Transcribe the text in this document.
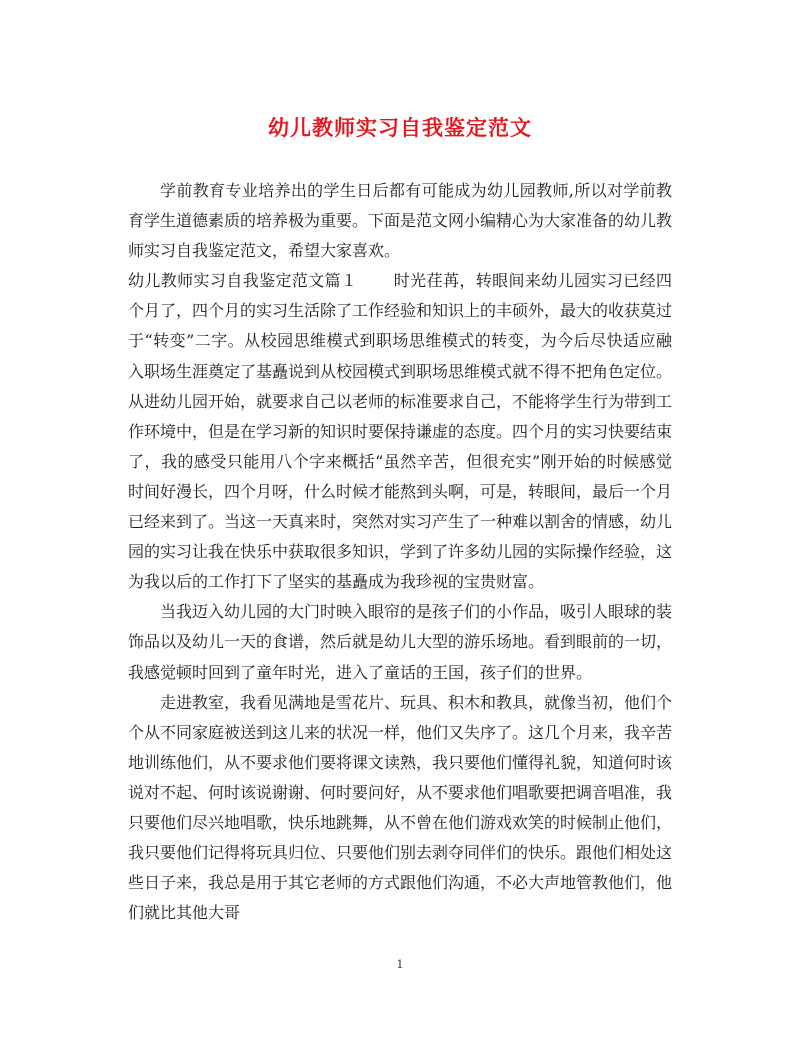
幼儿教师实习自我鉴定范文

学前教育专业培养出的学生日后都有可能成为幼儿园教师,所以对学前教育学生道德素质的培养极为重要。下面是范文网小编精心为大家准备的幼儿教师实习自我鉴定范文，希望大家喜欢。

幼儿教师实习自我鉴定范文篇１ 时光荏苒，转眼间来幼儿园实习已经四个月了，四个月的实习生活除了工作经验和知识上的丰硕外，最大的收获莫过于“转变”二字。从校园思维模式到职场思维模式的转变，为今后尽快适应融入职场生涯奠定了基矗说到从校园模式到职场思维模式就不得不把角色定位。从进幼儿园开始，就要求自己以老师的标准要求自己，不能将学生行为带到工作环境中，但是在学习新的知识时要保持谦虚的态度。四个月的实习快要结束了，我的感受只能用八个字来概括“虽然辛苦，但很充实”刚开始的时候感觉时间好漫长，四个月呀，什么时候才能熬到头啊，可是，转眼间，最后一个月已经来到了。当这一天真来时，突然对实习产生了一种难以割舍的情感，幼儿园的实习让我在快乐中获取很多知识，学到了许多幼儿园的实际操作经验，这为我以后的工作打下了坚实的基矗成为我珍视的宝贵财富。

当我迈入幼儿园的大门时映入眼帘的是孩子们的小作品，吸引人眼球的装饰品以及幼儿一天的食谱，然后就是幼儿大型的游乐场地。看到眼前的一切，我感觉顿时回到了童年时光，进入了童话的王国，孩子们的世界。

走进教室，我看见满地是雪花片、玩具、积木和教具，就像当初，他们个个从不同家庭被送到这儿来的状况一样，他们又失序了。这几个月来，我辛苦地训练他们，从不要求他们要将课文读熟，我只要他们懂得礼貌，知道何时该说对不起、何时该说谢谢、何时要问好，从不要求他们唱歌要把调音唱准，我只要他们尽兴地唱歌，快乐地跳舞，从不曾在他们游戏欢笑的时候制止他们，我只要他们记得将玩具归位、只要他们别去剥夺同伴们的快乐。跟他们相处这些日子来，我总是用于其它老师的方式跟他们沟通，不必大声地管教他们，他们就比其他大哥

1
